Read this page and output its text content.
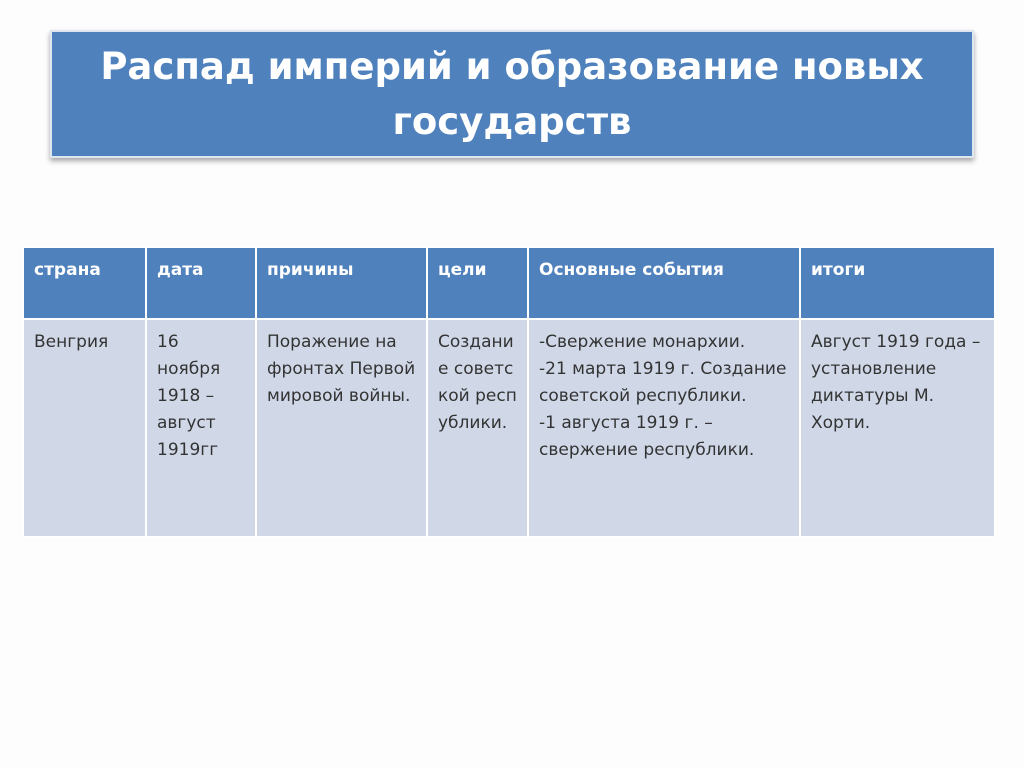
Распад империй и образование новых государств
страна	дата	причины	цели	Основные события	итоги
Венгрия	16 ноября 1918 – август 1919гг	Поражение на фронтах Первой мировой войны.	Создание советской республики.	-Свержение монархии.
-21 марта 1919 г. Создание советской республики.
-1 августа 1919 г. – свержение республики.	Август 1919 года – установление диктатуры М. Хорти.
